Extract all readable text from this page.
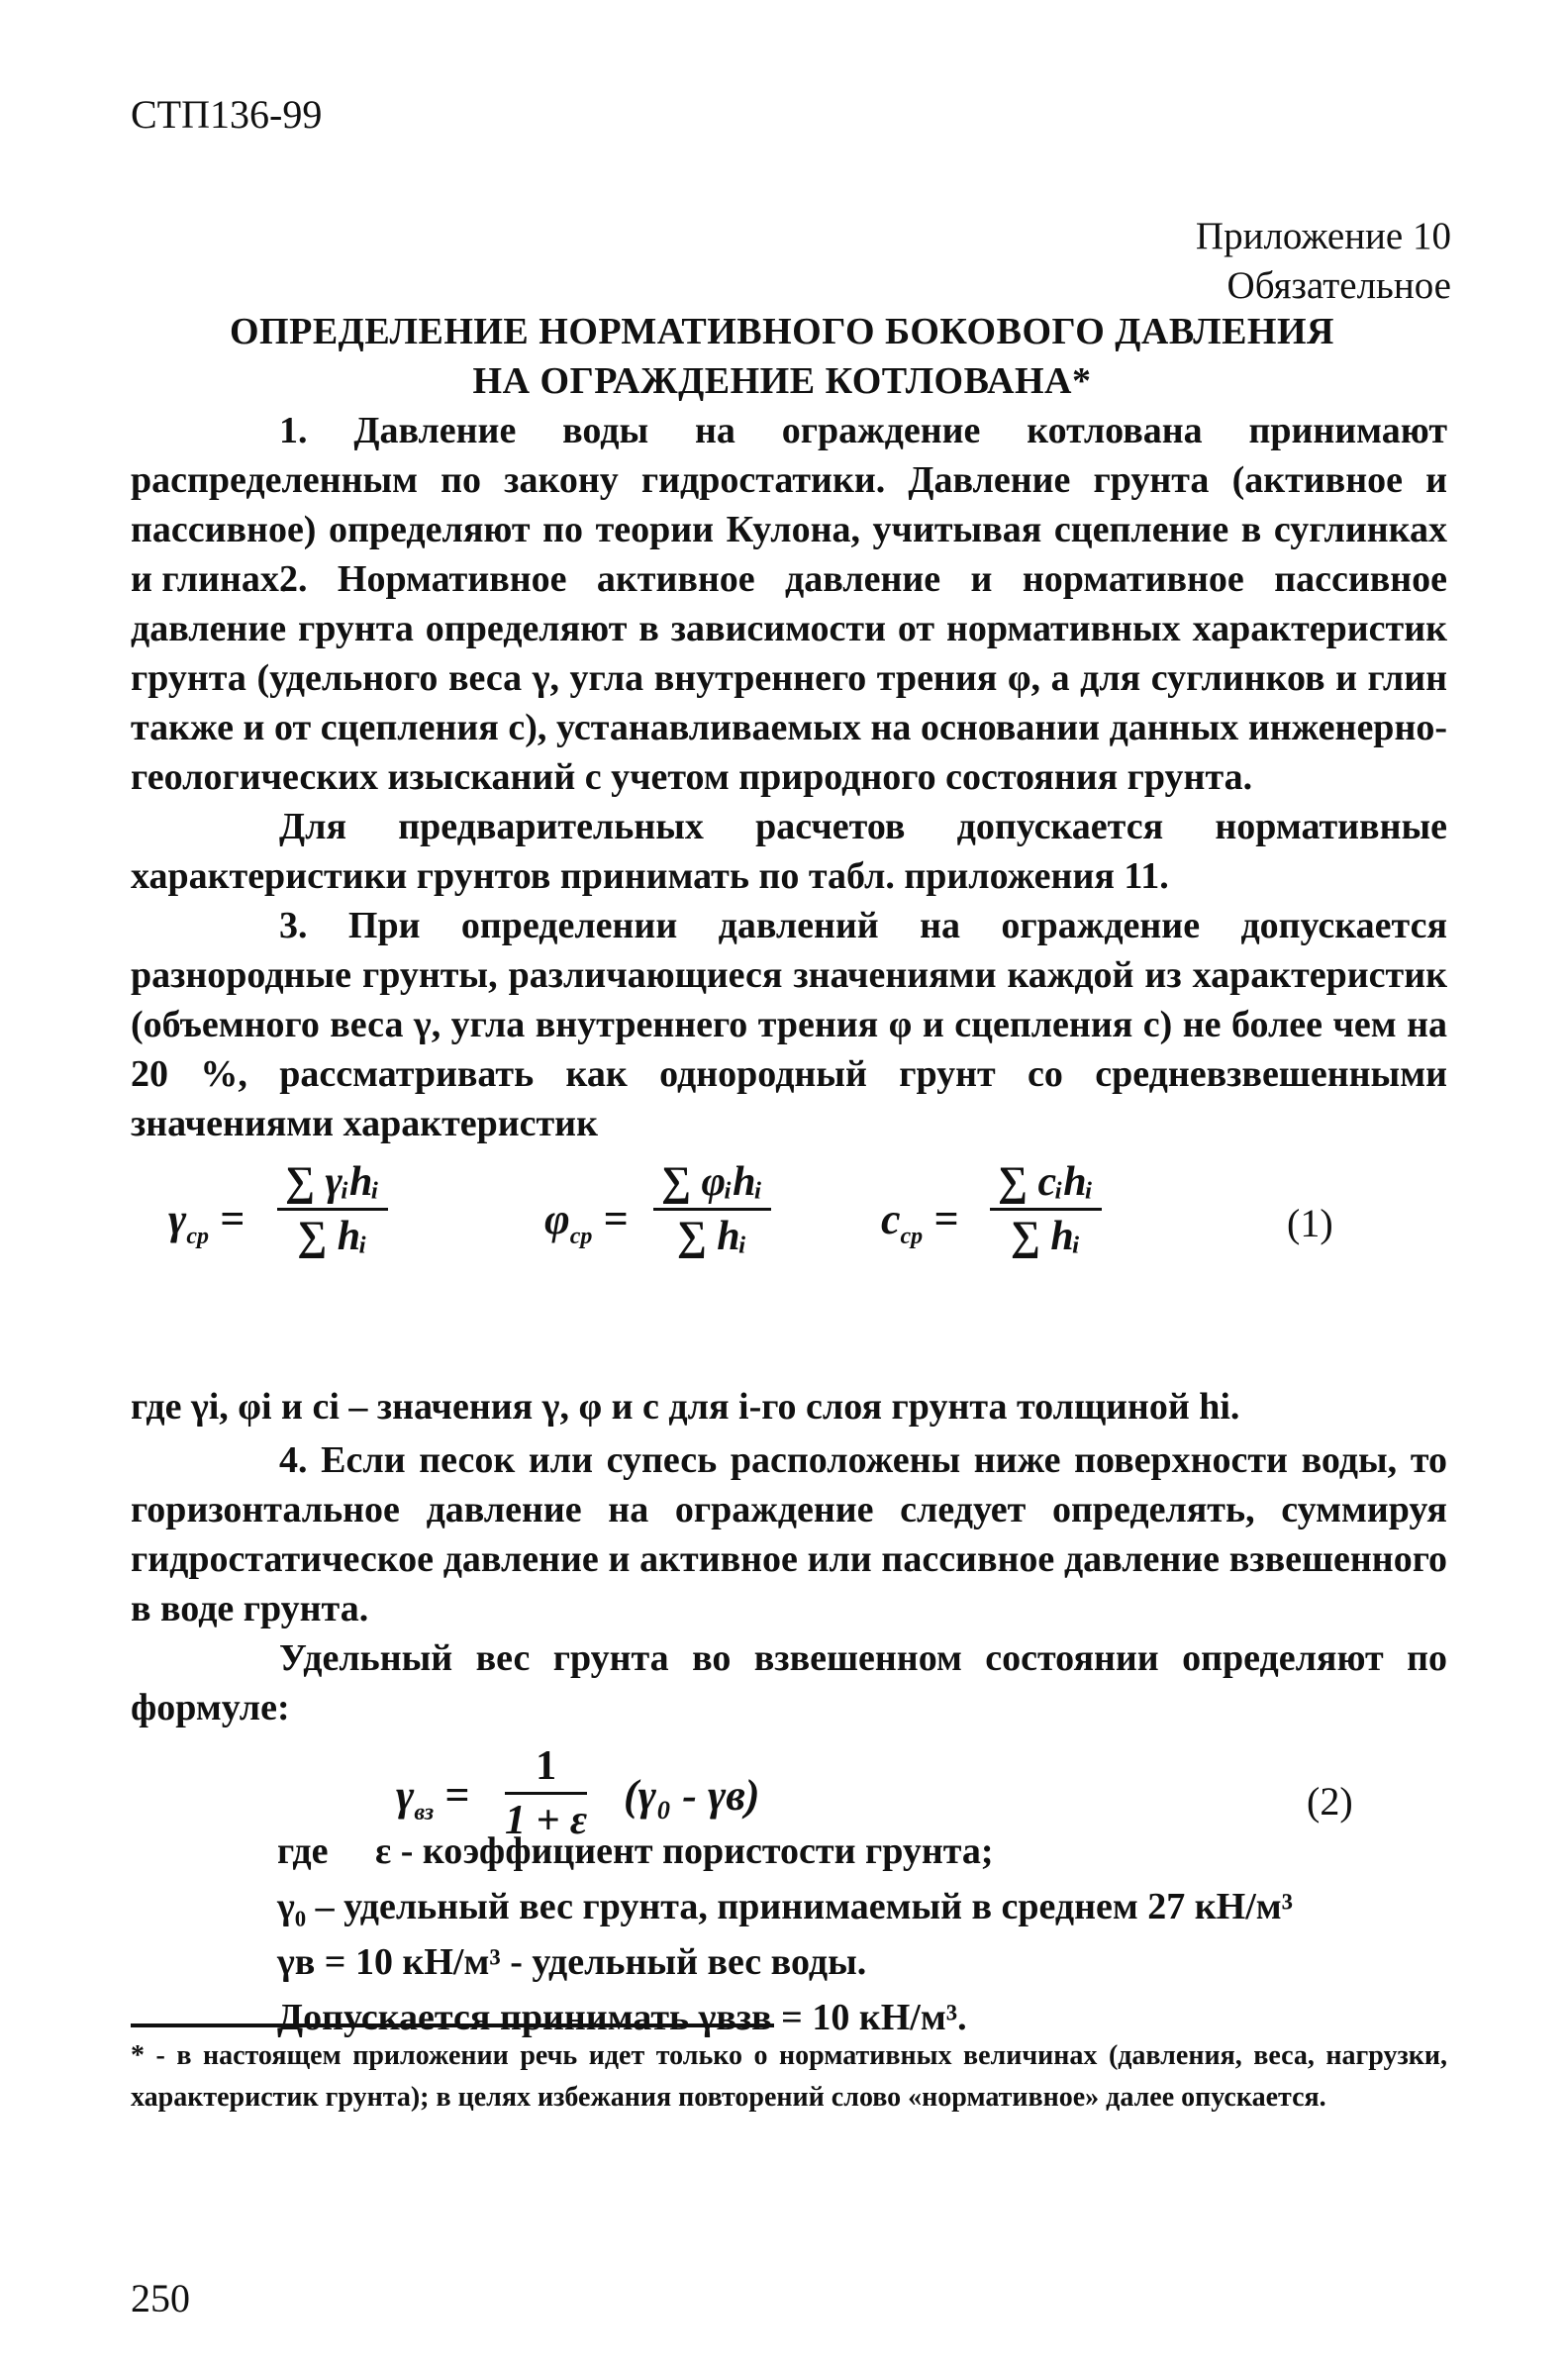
СТП136-99
Приложение 10
Обязательное
ОПРЕДЕЛЕНИЕ НОРМАТИВНОГО БОКОВОГО ДАВЛЕНИЯ
НА ОГРАЖДЕНИЕ КОТЛОВАНА*
1. Давление воды на ограждение котлована принимают распределенным по закону гидростатики. Давление грунта (активное и пассивное) определяют по теории Кулона, учитывая сцепление в суглинках и глинах.
2. Нормативное активное давление и нормативное пассивное давление грунта определяют в зависимости от нормативных характеристик грунта (удельного веса γ, угла внутреннего трения φ, а для суглинков и глин также и от сцепления с), устанавливаемых на основании данных инженерно-геологических изысканий с учетом природного состояния грунта.
Для предварительных расчетов допускается нормативные характеристики грунтов принимать по табл. приложения 11.
3. При определении давлений на ограждение допускается разнородные грунты, различающиеся значениями каждой из характеристик (объемного веса γ, угла внутреннего трения φ и сцепления с) не более чем на 20 %, рассматривать как однородный грунт со средневзвешенными значениями характеристик
$\gamma_{ср}$ =
∑ γᵢhᵢ
∑ hᵢ	$\varphi_{ср}$ =
∑ φᵢhᵢ
∑ hᵢ	$c_{ср}$ =
∑ cᵢhᵢ
∑ hᵢ	(1)
где γi, φi и ci – значения γ, φ и с для i-го слоя грунта толщиной hi.
4. Если песок или супесь расположены ниже поверхности воды, то горизонтальное давление на ограждение следует определять, суммируя гидростатическое давление и активное или пассивное давление взвешенного в воде грунта.
Удельный вес грунта во взвешенном состоянии определяют по формуле:
$\gamma_{вз}$ =
1
1 + ε
(γ₀ - γв)	(2)
где ε - коэффициент пористости грунта;
γ₀ – удельный вес грунта, принимаемый в среднем 27 кН/м³
γв = 10 кН/м³ - удельный вес воды.
Допускается принимать γвзв = 10 кН/м³.
* - в настоящем приложении речь идет только о нормативных величинах (давления, веса, нагрузки, характеристик грунта); в целях избежания повторений слово «нормативное» далее опускается.
250
